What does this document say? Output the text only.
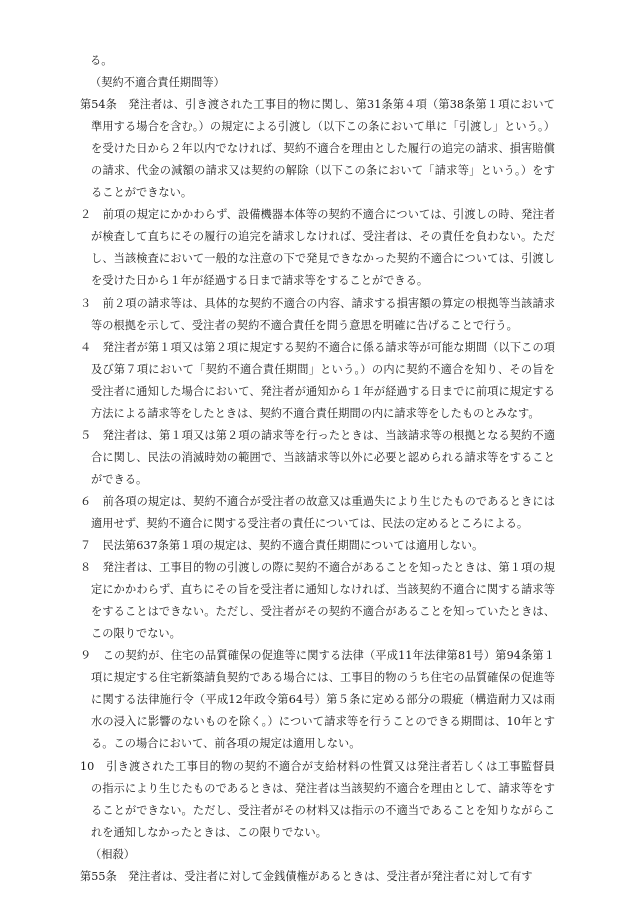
る。

（契約不適合責任期間等）

第54条　発注者は、引き渡された工事目的物に関し、第31条第４項（第38条第１項において準用する場合を含む。）の規定による引渡し（以下この条において単に「引渡し」という。）を受けた日から２年以内でなければ、契約不適合を理由とした履行の追完の請求、損害賠償の請求、代金の減額の請求又は契約の解除（以下この条において「請求等」という。）をすることができない。

２　前項の規定にかかわらず、設備機器本体等の契約不適合については、引渡しの時、発注者が検査して直ちにその履行の追完を請求しなければ、受注者は、その責任を負わない。ただし、当該検査において一般的な注意の下で発見できなかった契約不適合については、引渡しを受けた日から１年が経過する日まで請求等をすることができる。

３　前２項の請求等は、具体的な契約不適合の内容、請求する損害額の算定の根拠等当該請求等の根拠を示して、受注者の契約不適合責任を問う意思を明確に告げることで行う。

４　発注者が第１項又は第２項に規定する契約不適合に係る請求等が可能な期間（以下この項及び第７項において「契約不適合責任期間」という。）の内に契約不適合を知り、その旨を受注者に通知した場合において、発注者が通知から１年が経過する日までに前項に規定する方法による請求等をしたときは、契約不適合責任期間の内に請求等をしたものとみなす。

５　発注者は、第１項又は第２項の請求等を行ったときは、当該請求等の根拠となる契約不適合に関し、民法の消滅時効の範囲で、当該請求等以外に必要と認められる請求等をすることができる。

６　前各項の規定は、契約不適合が受注者の故意又は重過失により生じたものであるときには適用せず、契約不適合に関する受注者の責任については、民法の定めるところによる。

７　民法第637条第１項の規定は、契約不適合責任期間については適用しない。

８　発注者は、工事目的物の引渡しの際に契約不適合があることを知ったときは、第１項の規定にかかわらず、直ちにその旨を受注者に通知しなければ、当該契約不適合に関する請求等をすることはできない。ただし、受注者がその契約不適合があることを知っていたときは、この限りでない。

９　この契約が、住宅の品質確保の促進等に関する法律（平成11年法律第81号）第94条第１項に規定する住宅新築請負契約である場合には、工事目的物のうち住宅の品質確保の促進等に関する法律施行令（平成12年政令第64号）第５条に定める部分の瑕疵（構造耐力又は雨水の浸入に影響のないものを除く。）について請求等を行うことのできる期間は、10年とする。この場合において、前各項の規定は適用しない。

10　引き渡された工事目的物の契約不適合が支給材料の性質又は発注者若しくは工事監督員の指示により生じたものであるときは、発注者は当該契約不適合を理由として、請求等をすることができない。ただし、受注者がその材料又は指示の不適当であることを知りながらこれを通知しなかったときは、この限りでない。

（相殺）

第55条　発注者は、受注者に対して金銭債権があるときは、受注者が発注者に対して有す
